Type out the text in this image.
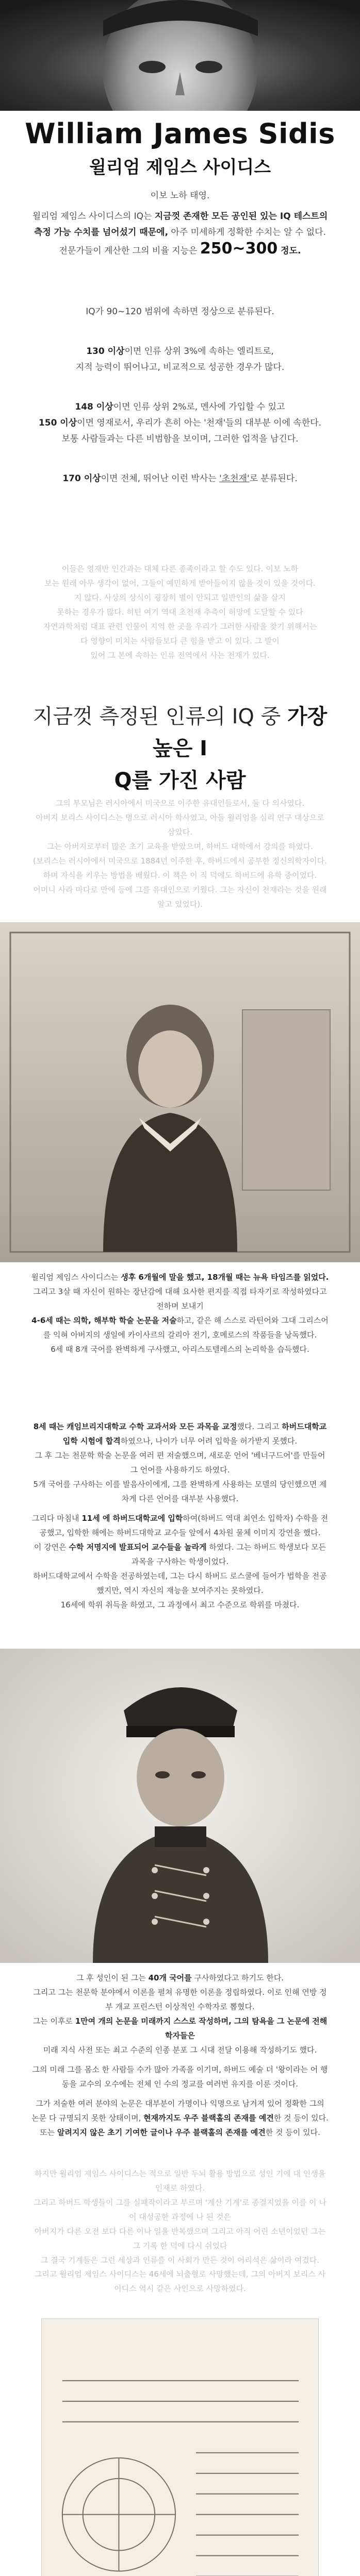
William James Sidis
윌리엄 제임스 사이디스
이보 노하 태영.
윌리엄 제임스 사이디스의 IQ는 지금껏 존재한 모든 공인된 있는 IQ 테스트의 측정 가능 수치를 넘어섰기 때문에, 아주 미세하게 정확한 수치는 알 수 없다. 전문가들이 계산한 그의 비율 지능은 250~300 정도.
IQ가 90~120 범위에 속하면 정상으로 분류된다.
130 이상이면 인류 상위 3%에 속하는 엘리트로,
지적 능력이 뛰어나고, 비교적으로 성공한 경우가 많다.
148 이상이면 인류 상위 2%로, 멘사에 가입할 수 있고
150 이상이면 영재로서, 우리가 흔히 아는 '천재'들의 대부분 이에 속한다.
보통 사람들과는 다른 비범함을 보이며, 그러한 업적을 남긴다.
170 이상이면 전체, 뛰어난 이런 박사는 '초천재'로 분류된다.
이들은 영재반 인간과는 대체 다른 종족이라고 할 수도 있다. 이보 노하
보는 원래 아무 생각이 없어, 그들이 예민하게 받아들이지 않을 것이 있을 것이다.
지 않다. 사상의 상식이 굉장히 별이 안되고 일반인의 삶을 살지
못하는 경우가 많다. 히틴 여기 역대 초천재 추측이 허망에 도달할 수 있다
자연과학처럼 대표 관련 인물이 지역 한 곳을 우리가 그러한 사람을 찾기 위해서는
다 영향이 미치는 사람들보다 큰 힘을 받고 이 있다. 그 발이
있어 그 본에 속하는 인류 전역에서 사는 천재가 있다.
지금껏 측정된 인류의 IQ 중 가장 높은 I
Q를 가진 사람
그의 부모님은 러시아에서 미국으로 이주한 유대인들로서, 둘 다 의사였다.
아버지 보리스 사이디스는 명으로 러시아 학사였고, 아들 윌리엄을 심리 연구 대상으로 삼았다.
그는 아버지로부터 많은 초기 교육을 받았으며, 하버드 대학에서 강의를 하였다.
(보리스는 러시아에서 미국으로 1884년 이주한 후, 하버드에서 공부한 정신의학자이다.
하며 자식을 키우는 방법을 배웠다. 이 책은 이 직 덕에도 하버드에 유학 중이었다.
어머니 사라 마다로 만에 등에 그를 유대인으로 키웠다. 그는 자신이 천재라는 것을 원래 알고 있었다).
윌리엄 제임스 사이디스는 생후 6개월에 말을 했고, 18개월 때는 뉴욕 타임즈를 읽었다.
그리고 3살 때 자신이 원하는 장난감에 대해 요사한 편지를 직접 타자기로 작성하였다고 전하며 보내기
4-6세 때는 의학, 해부학 학술 논문을 저술하고, 같은 해 스스로 라틴어와 그대 그리스어를 익혀 아버지의 생일에 카이사르의 갈리아 전기, 호메로스의 작품들을 낭독했다.
6세 때 8개 국어를 완벽하게 구사했고, 아리스토텔레스의 논리학을 습득했다.
8세 때는 캐임브리지대학교 수학 교과서와 모든 과목을 교정했다. 그리고 하버드대학교 입학 시험에 합격하였으나, 나이가 너무 어려 입학을 허가받지 못했다.
그 후 그는 천문학 학술 논문을 여러 편 저술했으며, 새로운 언어 '베너구드어'를 만들어 그 언어를 사용하기도 하였다.
5개 국어를 구사하는 이를 발음사이에게, 그를 완벽하게 사용하는 모델의 당인했으면 제 차게 다른 언어를 대부분 사용했다.
그리다 마침내 11세 에 하버드대학교에 입학하여(하버드 역대 최연소 입학자) 수학을 전공했고, 입학한 해에는 하버드대학교 교수들 앞에서 4차원 물체 이미지 강연을 했다.
이 강연은 수학 저명지에 발표되어 교수들을 놀라게 하였다. 그는 하버드 학생보다 모든 과목을 구사하는 학생이었다.
하버드대학교에서 수학을 전공하였는데, 그는 다시 하버드 로스쿨에 들어가 법학을 전공했지만, 역시 자신의 재능을 보여주지는 못하였다.
16세에 학위 취득을 하였고, 그 과정에서 최고 수준으로 학위를 마쳤다.
그 후 성인이 된 그는 40개 국어를 구사하였다고 하기도 한다.
그리고 그는 천문학 분야에서 이론을 펼쳐 유명한 이론을 정립하였다. 이로 인해 연방 정부 개교 프린스턴 이상적인 수학자로 뽑혔다.
그는 이후로 1만여 개의 논문을 미래까지 스스로 작성하며, 그의 탐욕을 그 논문에 전해 학자들은
미래 지식 사전 또는 최고 수준의 인종 분포 그 시대 전달 이용해 작성하기도 했다.
그의 미래 그를 몸소 한 사람들 수가 많아 가족을 이기며, 하버드 예술 더 '왕이라는 어 행동을 교수의 오수에는 전체 인 수의 정교를 여러번 유지를 이룬 것이다.
그가 저술한 여러 분야의 논문은 대부분이 가명이나 익명으로 남겨져 있어 정확한 그의 논문 다 규명되지 못한 상태이며, 현재까지도 우주 블랙홀의 존재를 예견한 것 등이 있다.
또는 알려지지 않은 초기 기여한 글이나 우주 블랙홀의 존재를 예견한 것 등이 있다.
하지만 윌리엄 제임스 사이디스는 적으로 일반 두뇌 활용 방법으로 성인 기에 대 인생을 인재로 하였다.
그리고 하버드 학생들이 그를 실패작이라고 부르며 '계산 기계'로 종결지었을 이를 이 나이 대성공한 과정에 나 된 것은
아버지가 다른 오전 보다 다른 이나 일을 반복했으며 그리고 아직 어린 소년이었던 그는 그 기록 한 덕에 다시 쉬었다
그 결국 기계들은 그런 세상과 인류를 이 사회가 만든 것이 어리석은 삶이라 여겼다.
그리고 윌리엄 제임스 사이디스는 46세에 뇌출혈로 사망했는데, 그의 아버지 보리스 사이디스 역시 같은 사인으로 사망하였다.
